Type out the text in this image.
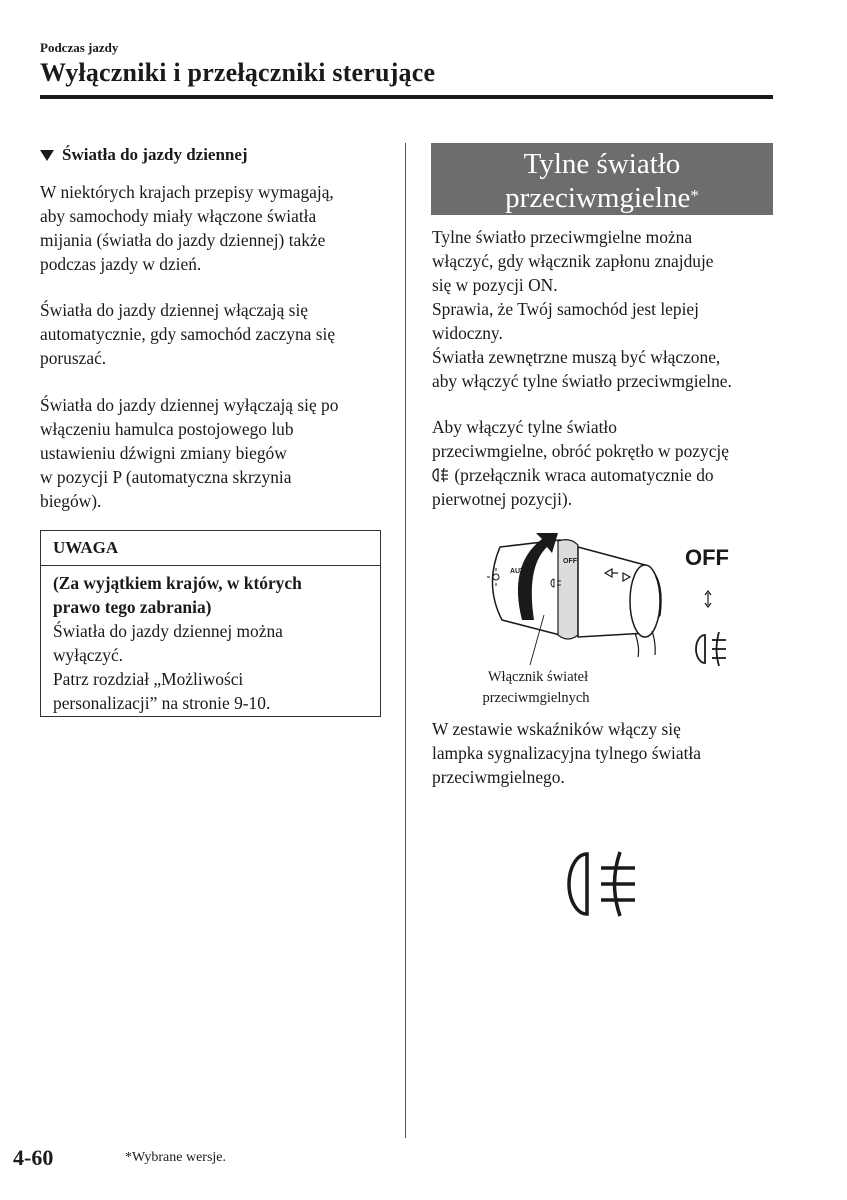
Podczas jazdy
Wyłączniki i przełączniki sterujące
Światła do jazdy dziennej
W niektórych krajach przepisy wymagają,
aby samochody miały włączone światła
mijania (światła do jazdy dziennej) także
podczas jazdy w dzień.
Światła do jazdy dziennej włączają się
automatycznie, gdy samochód zaczyna się
poruszać.
Światła do jazdy dziennej wyłączają się po
włączeniu hamulca postojowego lub
ustawieniu dźwigni zmiany biegów
w pozycji P (automatyczna skrzynia
biegów).
UWAGA
(Za wyjątkiem krajów, w których
prawo tego zabrania)
Światła do jazdy dziennej można
wyłączyć.
Patrz rozdział „Możliwości
personalizacji” na stronie 9-10.
Tylne światło
przeciwmgielne*
Tylne światło przeciwmgielne można
włączyć, gdy włącznik zapłonu znajduje
się w pozycji ON.
Sprawia, że Twój samochód jest lepiej
widoczny.
Światła zewnętrzne muszą być włączone,
aby włączyć tylne światło przeciwmgielne.
Aby włączyć tylne światło
przeciwmgielne, obróć pokrętło w pozycję
(przełącznik wraca automatycznie do
pierwotnej pozycji).
AUTO
OFF	OFF
Włącznik świateł
przeciwmgielnych
W zestawie wskaźników włączy się
lampka sygnalizacyjna tylnego światła
przeciwmgielnego.
4-60	*Wybrane wersje.
